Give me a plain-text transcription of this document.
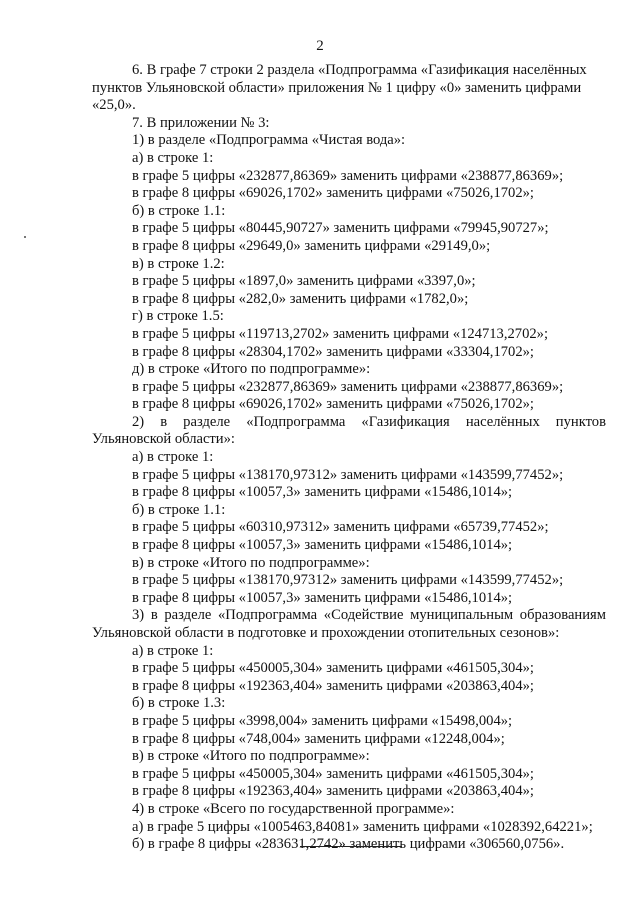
2
6. В графе 7 строки 2 раздела «Подпрограмма «Газификация населённых
пунктов Ульяновской области» приложения № 1 цифру «0» заменить цифрами
«25,0».
7. В приложении № 3:
1) в разделе «Подпрограмма «Чистая вода»:
а) в строке 1:
в графе 5 цифры «232877,86369» заменить цифрами «238877,86369»;
в графе 8 цифры «69026,1702» заменить цифрами «75026,1702»;
б) в строке 1.1:
в графе 5 цифры «80445,90727» заменить цифрами «79945,90727»;
в графе 8 цифры «29649,0» заменить цифрами «29149,0»;
в) в строке 1.2:
в графе 5 цифры «1897,0» заменить цифрами «3397,0»;
в графе 8 цифры «282,0» заменить цифрами «1782,0»;
г) в строке 1.5:
в графе 5 цифры «119713,2702» заменить цифрами «124713,2702»;
в графе 8 цифры «28304,1702» заменить цифрами «33304,1702»;
д) в строке «Итого по подпрограмме»:
в графе 5 цифры «232877,86369» заменить цифрами «238877,86369»;
в графе 8 цифры «69026,1702» заменить цифрами «75026,1702»;
2) в разделе «Подпрограмма «Газификация населённых пунктов
Ульяновской области»:
а) в строке 1:
в графе 5 цифры «138170,97312» заменить цифрами «143599,77452»;
в графе 8 цифры «10057,3» заменить цифрами «15486,1014»;
б) в строке 1.1:
в графе 5 цифры «60310,97312» заменить цифрами «65739,77452»;
в графе 8 цифры «10057,3» заменить цифрами «15486,1014»;
в) в строке «Итого по подпрограмме»:
в графе 5 цифры «138170,97312» заменить цифрами «143599,77452»;
в графе 8 цифры «10057,3» заменить цифрами «15486,1014»;
3) в разделе «Подпрограмма «Содействие муниципальным образованиям
Ульяновской области в подготовке и прохождении отопительных сезонов»:
а) в строке 1:
в графе 5 цифры «450005,304» заменить цифрами «461505,304»;
в графе 8 цифры «192363,404» заменить цифрами «203863,404»;
б) в строке 1.3:
в графе 5 цифры «3998,004» заменить цифрами «15498,004»;
в графе 8 цифры «748,004» заменить цифрами «12248,004»;
в) в строке «Итого по подпрограмме»:
в графе 5 цифры «450005,304» заменить цифрами «461505,304»;
в графе 8 цифры «192363,404» заменить цифрами «203863,404»;
4) в строке «Всего по государственной программе»:
а) в графе 5 цифры «1005463,84081» заменить цифрами «1028392,64221»;
б) в графе 8 цифры «283631,2742» заменить цифрами «306560,0756».
